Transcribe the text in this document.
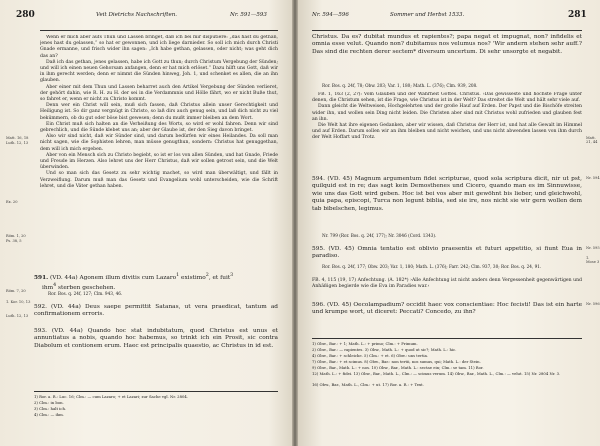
280	Veit Dietrichs Nachschriften.	Nr. 591—593

Wenn er mich aber aufs Thun und Lassen bringet, daß ich bei mir disputiere: „das hast du gethan, jenes hast du gelassen,“ so hat er gewonnen, und ich liege darnieder. So soll ich mich durch Christi Gnade ermanne, und frisch wider ihn sagen: „Ich habe gethan, gelassen, oder nicht; was geht dich das an?

Daß ich das gethan, jenes gelassen, habe ich Gott zu thun; durch Christum Vergebung der Sünden; und will ich einen neuen Gehorsam anfangen, denn er hat mich erlöset.“ Dazu hilft uns Gott, daß wir in ihm gerecht werden; denn er nimmt die Sünden hinweg, Joh. 1, und schenket es allen, die an ihn glauben.

Aber einer mit dem Thun und Lassen beharret auch den Artikel Vergebung der Sünden verlieret, der gehört dahin, wie R. H. zu H. der sei in die Verdammnis und Hölle fährt, wo er nicht Buße thut, so fahret er, wenn er nicht zu Christo kommt.

Denn wer ein Christ will sein, muß sich fassen, daß Christus allein unser Gerechtigkeit und Heiligung ist. So dir ganz vergnügt in Christo, so laß dirs auch genug sein, und laß dich nicht zu viel bekümmern, ob du gut oder böse bist gewesen; denn du mußt immer bleiben an dem Wort.

Ein Christ muß sich halten an die Verheißung des Worts, so wird er wohl fahren. Denn wir sind gebrechlich, und die Sünde klebet uns an; aber der Glaube ist, der den Sieg davon bringet.

Also wir sind nicht, daß wir Sünder sind, und darum bedürfen wir eines Heilandes. Da soll man nicht sagen, wie die Sophisten lehren, man müsse genugthun, sondern: Christus hat genuggethan, dem will ich mich ergeben.

Aber von ein Mensch sich zu Christo begiebt, so ist er los von allen Sünden, und hat Gnade, Friede und Freude im Herzen. Also lehret uns der Herr Christus, daß wir sollen getrost sein, und die Welt überwinden.

Und so man sich das Gesetz zu sehr wichtig machet, so wird man überwältigt, und fällt in Verzweiflung. Darum muß man das Gesetz und Evangelium wohl unterscheiden, wie die Schrift lehret, und die Väter gethan haben.

Matt. 16, 18
Luth. 12, 13
Ex. 20
Röm. 1, 20
Ps. 38, 5
Röm. 7, 20
1. Kor. 10, 13
Luth. 12, 13
591. (VD. 44a) Agonem illum divitis cum Lazaro$^1$ existimo$^2$, et fuit$^3$
ihm$^4$ sterben geschehen.
Ror. Bos. q. 24f, 127; Clm. 943, 46.
592. (VD. 44a) Deus saepe permittit Satanas, ut vera praedicat, tantum ad confirmationem erroris.
593. (VD. 44a) Quando hoc stat indubitatum, quod Christus est unus et annuntiatus a nobis, quando hoc habemus, so trinkt ich ein Prosit, sic contra Diabolum et contionem erum. Haec est principalis quaestio, ac Christus in id est.
1) Ror. a. R.: Luc. 16; Clm.: — cum Lazaro; + et Lazari; zur Sache vgl. Nr. 2804.
2) Clm.: in bon.
3) Clm.: halt ich.
4) Clm.: — ihm.
Nr. 594—596	Sommer und Herbst 1533.	281
Christus. Da es? dubitat mundus et rapientes?; papa negat et impugnat, non? infidelis et omnia esse velut. Quando non? dubitamus nos velumus nos? 'Wir andern stehen sehr auff.? Das sind die rechten derer sectem* diversum uncertum. Di sehr unsorgte et negabit.
Ror. Bos. q. 24f, 78; Obw. 203; Var. 1, 180; Math. L. (376); Clm. 939, 208.

FB. 1, 163 (2, 2?): Vom Glauben und der Wahrheit Gottes. Christus. ›Das gewisseste und höchste Frage unter denen, die Christum sehen, ist die Frage, wie Christus ist in der Welt? Das streitet die Welt und hält sehr viele auf.

Dann gleicht die Weltweisen, Hochgelehrten und der große Hauf auf Erden. Der Papst und die Bischöfe streiten wider ihn, und wollen sein Ding nicht leiden. Die Christen aber sind mit Christus wohl zufrieden und glauben fest an ihn.

Die Welt hat ihre eigenen Gedanken, aber wir wissen, daß Christus der Herr ist, und hat alle Gewalt im Himmel und auf Erden. Darum sollen wir an ihm bleiben und nicht weichen, und uns nicht abwenden lassen von ihm durch der Welt Hoffart und Trotz.

594. (VD. 45) Magnum argumentum fidei scripturae, quod sola scriptura dicit, nir ut pst, quilquid est in re; das sagt kein Demosthenes und Cicero, quando man es im Sinnuwisse, wie uns das Gott wird geben. Hoc ist bei vos aber mit gewöhnt bis lieber, und gleichwohl, quia papa, episcopi, Turca non legunt biblia, sed sie ire, nos nicht sie wir gern wollen dem tab bibelschen, legimus.
Nr. 799 (Ror. Bos. q. 24f, 177); Nr. 3046 (Cord. 1343).
595. (VD. 45) Omnia tentatio est oblivio praesentis et futuri appetitio, si fiunt Eua in paradiso.
Ror. Bos. q. 24f, 177; Obw. 203; Var. 1, 180; Math. L. (376); Farr. 242; Clm. 937, 30; Ror. Bos. q. 24, 91.
FB. 4, 115 (19, 17) Anfechtung. (A. 182*) ›Alle Anfechtung ist nicht anders denn Vergessenheit gegenwärtigen und Anhäßigen begierde wie die Eva im Paradies war.‹
596. (VD. 45) Oecolampadium? occidit haec vox conscientiae: Hoc fecisti! Das ist ein harte und krumpe wort, ut diceret: Peccati? Concedo, zu ihn?
1) Obw., Bar.: + 1; Math. L.: + primo; Clm.: + Primum.
2) Obw., Bar.: — rapientes. 3) Obw., Math. L.: + quod ut sic?; Math. L.: hic.
4) Obw., Bar.: + schleiche. 5) Clm.: + et. 6) Obw.: uns tertia.
7) Obw., Bar.: + et scimus. 8) Obw., Bar.: non tertii, nos sumus, qui; Math. L.: der Stein.
9) Obw., Bar., Math. L.: + nos. 10) Obw., Bar., Math. L.: sectae ein; Clm.: se tam. 11) Ror.
12) Math. L.: + fidei. 13) Obw., Bar., Math. L., Clm.: — scimus verum. 14) Obw., Bar., Math. L., Clm.: — velut. 15) Nr. 2804 Nr. 3.
16) Obw., Bar., Math. L., Clm.: + ut. 17) Ror. a. R.: + Text.
Nr. 594
Nr. 595
Matt. 21, 44
1. Mose 3
Nr. 596
